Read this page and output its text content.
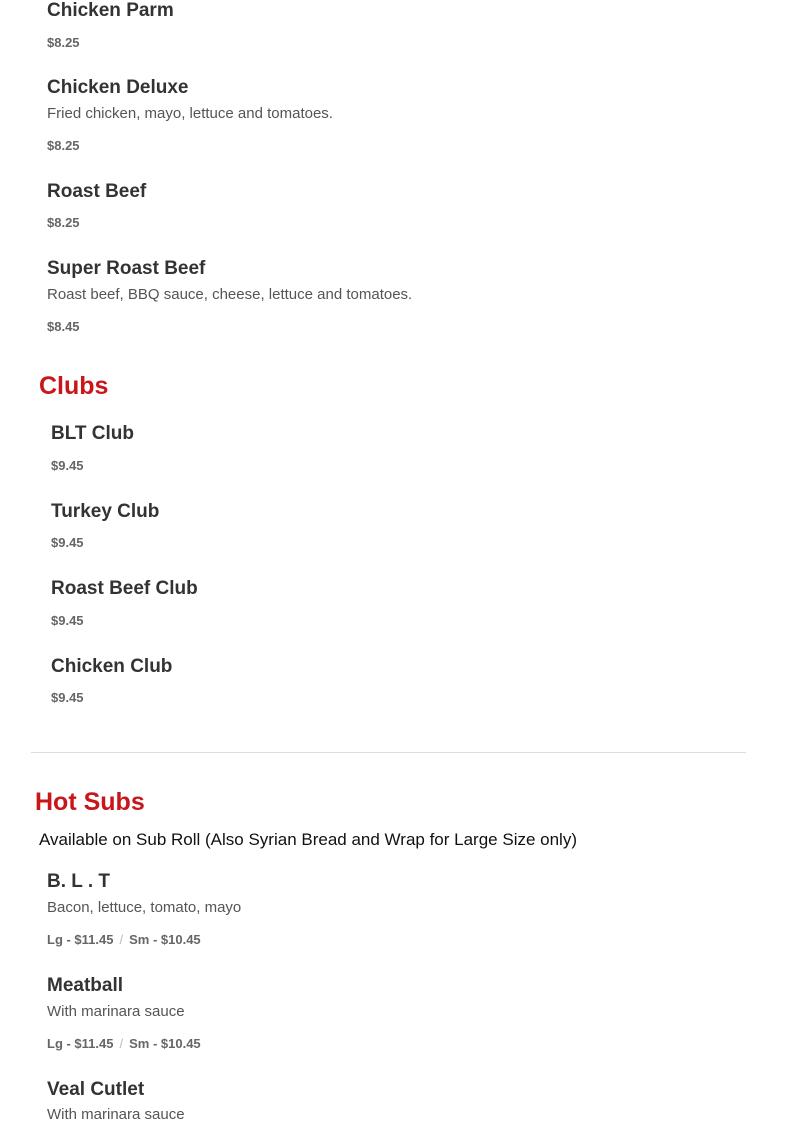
Chicken Parm
$8.25
Chicken Deluxe
Fried chicken, mayo, lettuce and tomatoes.
$8.25
Roast Beef
$8.25
Super Roast Beef
Roast beef, BBQ sauce, cheese, lettuce and tomatoes.
$8.45
Clubs
BLT Club
$9.45
Turkey Club
$9.45
Roast Beef Club
$9.45
Chicken Club
$9.45
Hot Subs
Available on Sub Roll (Also Syrian Bread and Wrap for Large Size only)
B. L . T
Bacon, lettuce, tomato, mayo
Lg - $11.45 / Sm - $10.45
Meatball
With marinara sauce
Lg - $11.45 / Sm - $10.45
Veal Cutlet
With marinara sauce
